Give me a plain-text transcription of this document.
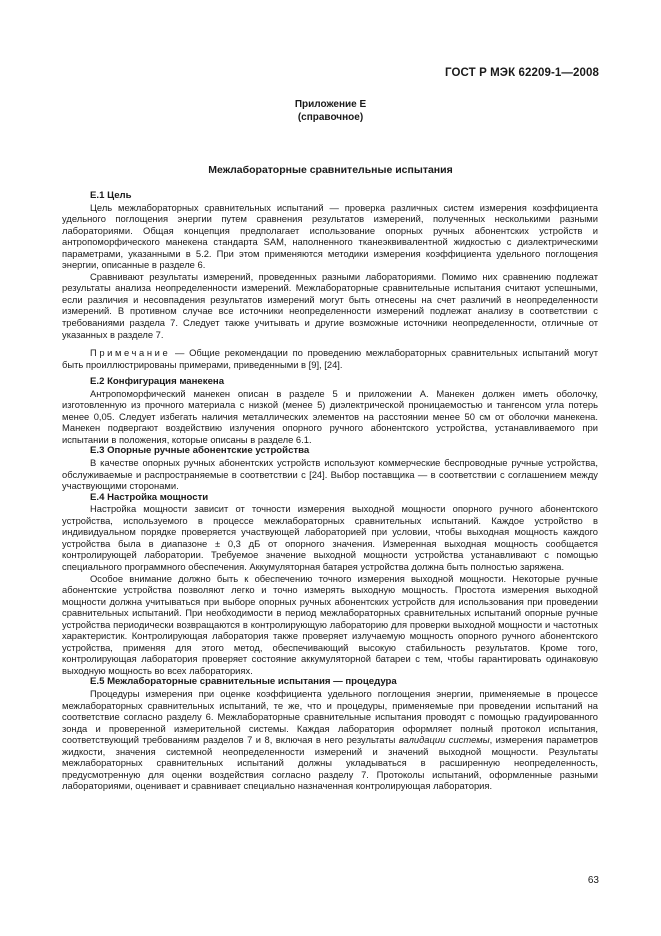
ГОСТ Р МЭК 62209-1—2008
Приложение Е
(справочное)
Межлабораторные сравнительные испытания
Е.1 Цель

Цель межлабораторных сравнительных испытаний — проверка различных систем измерения коэффициента удельного поглощения энергии путем сравнения результатов измерений, полученных несколькими разными лабораториями. Общая концепция предполагает использование опорных ручных абонентских устройств и антропоморфического манекена стандарта SAM, наполненного тканеэквивалентной жидкостью с диэлектрическими параметрами, указанными в 5.2. При этом применяются методики измерения коэффициента удельного поглощения энергии, описанные в разделе 6.

Сравнивают результаты измерений, проведенных разными лабораториями. Помимо них сравнению подлежат результаты анализа неопределенности измерений. Межлабораторные сравнительные испытания считают успешными, если различия и несовпадения результатов измерений могут быть отнесены на счет различий в неопределенности измерений. В противном случае все источники неопределенности измерений подлежат анализу в соответствии с требованиями раздела 7. Следует также учитывать и другие возможные источники неопределенности, отличные от указанных в разделе 7.

Примечание — Общие рекомендации по проведению межлабораторных сравнительных испытаний могут быть проиллюстрированы примерами, приведенными в [9], [24].

Е.2 Конфигурация манекена

Антропоморфический манекен описан в разделе 5 и приложении А. Манекен должен иметь оболочку, изготовленную из прочного материала с низкой (менее 5) диэлектрической проницаемостью и тангенсом угла потерь менее 0,05. Следует избегать наличия металлических элементов на расстоянии менее 50 см от оболочки манекена. Манекен подвергают воздействию излучения опорного ручного абонентского устройства, устанавливаемого при испытании в положения, которые описаны в разделе 6.1.

Е.3 Опорные ручные абонентские устройства

В качестве опорных ручных абонентских устройств используют коммерческие беспроводные ручные устройства, обслуживаемые и распространяемые в соответствии с [24]. Выбор поставщика — в соответствии с соглашением между участвующими сторонами.

Е.4 Настройка мощности

Настройка мощности зависит от точности измерения выходной мощности опорного ручного абонентского устройства, используемого в процессе межлабораторных сравнительных испытаний. Каждое устройство в индивидуальном порядке проверяется участвующей лабораторией при условии, чтобы выходная мощность каждого устройства была в диапазоне ± 0,3 дБ от опорного значения. Измеренная выходная мощность сообщается контролирующей лаборатории. Требуемое значение выходной мощности устройства устанавливают с помощью специального программного обеспечения. Аккумуляторная батарея устройства должна быть полностью заряжена.

Особое внимание должно быть к обеспечению точного измерения выходной мощности. Некоторые ручные абонентские устройства позволяют легко и точно измерять выходную мощность. Простота измерения выходной мощности должна учитываться при выборе опорных ручных абонентских устройств для использования при проведении сравнительных испытаний. При необходимости в период межлабораторных сравнительных испытаний опорные ручные устройства периодически возвращаются в контролирующую лабораторию для проверки выходной мощности и частотных характеристик. Контролирующая лаборатория также проверяет излучаемую мощность опорного ручного абонентского устройства, применяя для этого метод, обеспечивающий высокую стабильность результатов. Кроме того, контролирующая лаборатория проверяет состояние аккумуляторной батареи с тем, чтобы гарантировать одинаковую выходную мощность во всех лабораториях.

Е.5 Межлабораторные сравнительные испытания — процедура

Процедуры измерения при оценке коэффициента удельного поглощения энергии, применяемые в процессе межлабораторных сравнительных испытаний, те же, что и процедуры, применяемые при проведении испытаний на соответствие согласно разделу 6. Межлабораторные сравнительные испытания проводят с помощью градуированного зонда и проверенной измерительной системы. Каждая лаборатория оформляет полный протокол испытания, соответствующий требованиям разделов 7 и 8, включая в него результаты валидации системы, измерения параметров жидкости, значения системной неопределенности измерений и значений выходной мощности. Результаты межлабораторных сравнительных испытаний должны укладываться в расширенную неопределенность, предусмотренную для оценки воздействия согласно разделу 7. Протоколы испытаний, оформленные разными лабораториями, оценивает и сравнивает специально назначенная контролирующая лаборатория.

63
